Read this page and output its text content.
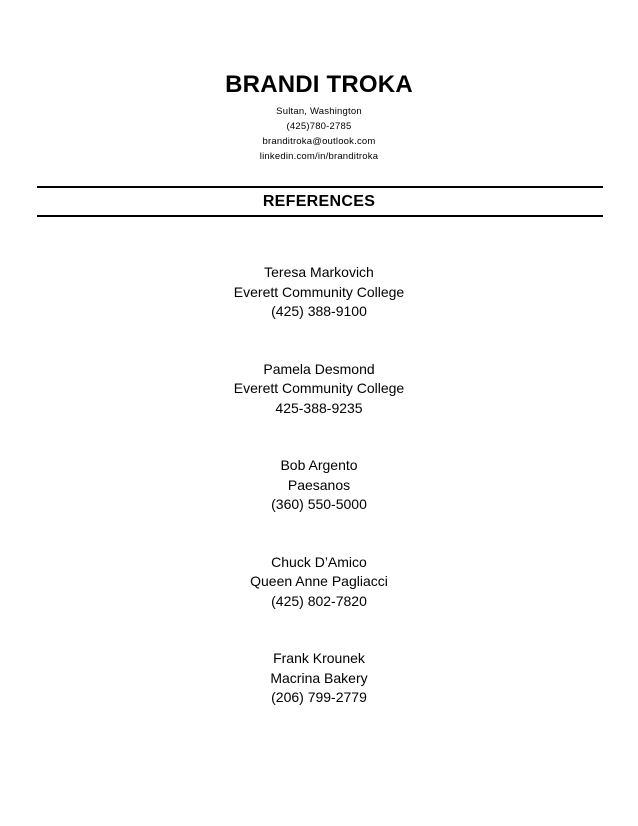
BRANDI TROKA
Sultan, Washington
(425)780-2785
branditroka@outlook.com
linkedin.com/in/branditroka
REFERENCES
Teresa Markovich
Everett Community College
(425) 388-9100
Pamela Desmond
Everett Community College
425-388-9235
Bob Argento
Paesanos
(360) 550-5000
Chuck D’Amico
Queen Anne Pagliacci
(425) 802-7820
Frank Krounek
Macrina Bakery
(206) 799-2779
